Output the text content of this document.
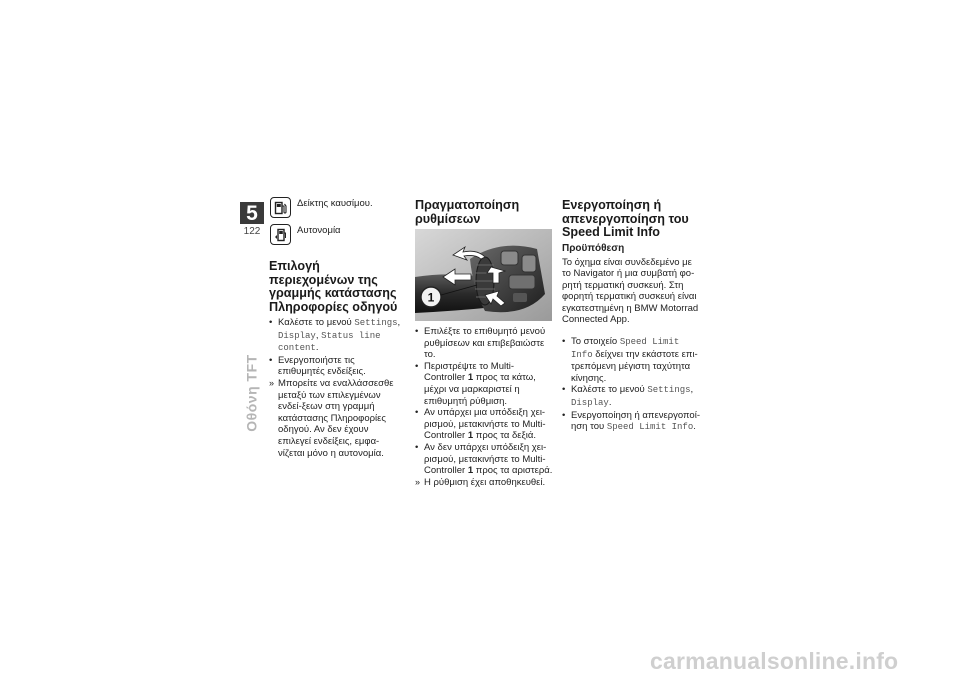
5
122
Οθόνη TFT
Δείκτης καυσίμου.
Αυτονομία
Επιλογή περιεχομένων της γραμμής κατάστασης Πληροφορίες οδηγού
• Καλέστε το μενού Settings, Display, Status line content.
• Ενεργοποιήστε τις επιθυμητές ενδείξεις.
» Μπορείτε να εναλλάσσεσθε μεταξύ των επιλεγμένων ενδεί-ξεων στη γραμμή κατάστασης Πληροφορίες οδηγού. Αν δεν έχουν επιλεγεί ενδείξεις, εμφα-νίζεται μόνο η αυτονομία.
Πραγματοποίηση ρυθμίσεων
1
• Επιλέξτε το επιθυμητό μενού ρυθμίσεων και επιβεβαιώστε το.
• Περιστρέψτε το Multi-Controller 1 προς τα κάτω, μέχρι να μαρκαριστεί η επιθυμητή ρύθμιση.
• Αν υπάρχει μια υπόδειξη χει-ρισμού, μετακινήστε το Multi-Controller 1 προς τα δεξιά.
• Αν δεν υπάρχει υπόδειξη χει-ρισμού, μετακινήστε το Multi-Controller 1 προς τα αριστερά.
» Η ρύθμιση έχει αποθηκευθεί.
Ενεργοποίηση ή απενεργοποίηση του Speed Limit Info
Προϋπόθεση

Το όχημα είναι συνδεδεμένο με το Navigator ή μια συμβατή φο-ρητή τερματική συσκευή. Στη φορητή τερματική συσκευή είναι εγκατεστημένη η BMW Motorrad Connected App.

• Το στοιχείο Speed Limit Info δείχνει την εκάστοτε επι-τρεπόμενη μέγιστη ταχύτητα κίνησης.
• Καλέστε το μενού Settings, Display.
• Ενεργοποίηση ή απενεργοποί-ηση του Speed Limit Info.
carmanualsonline.info
